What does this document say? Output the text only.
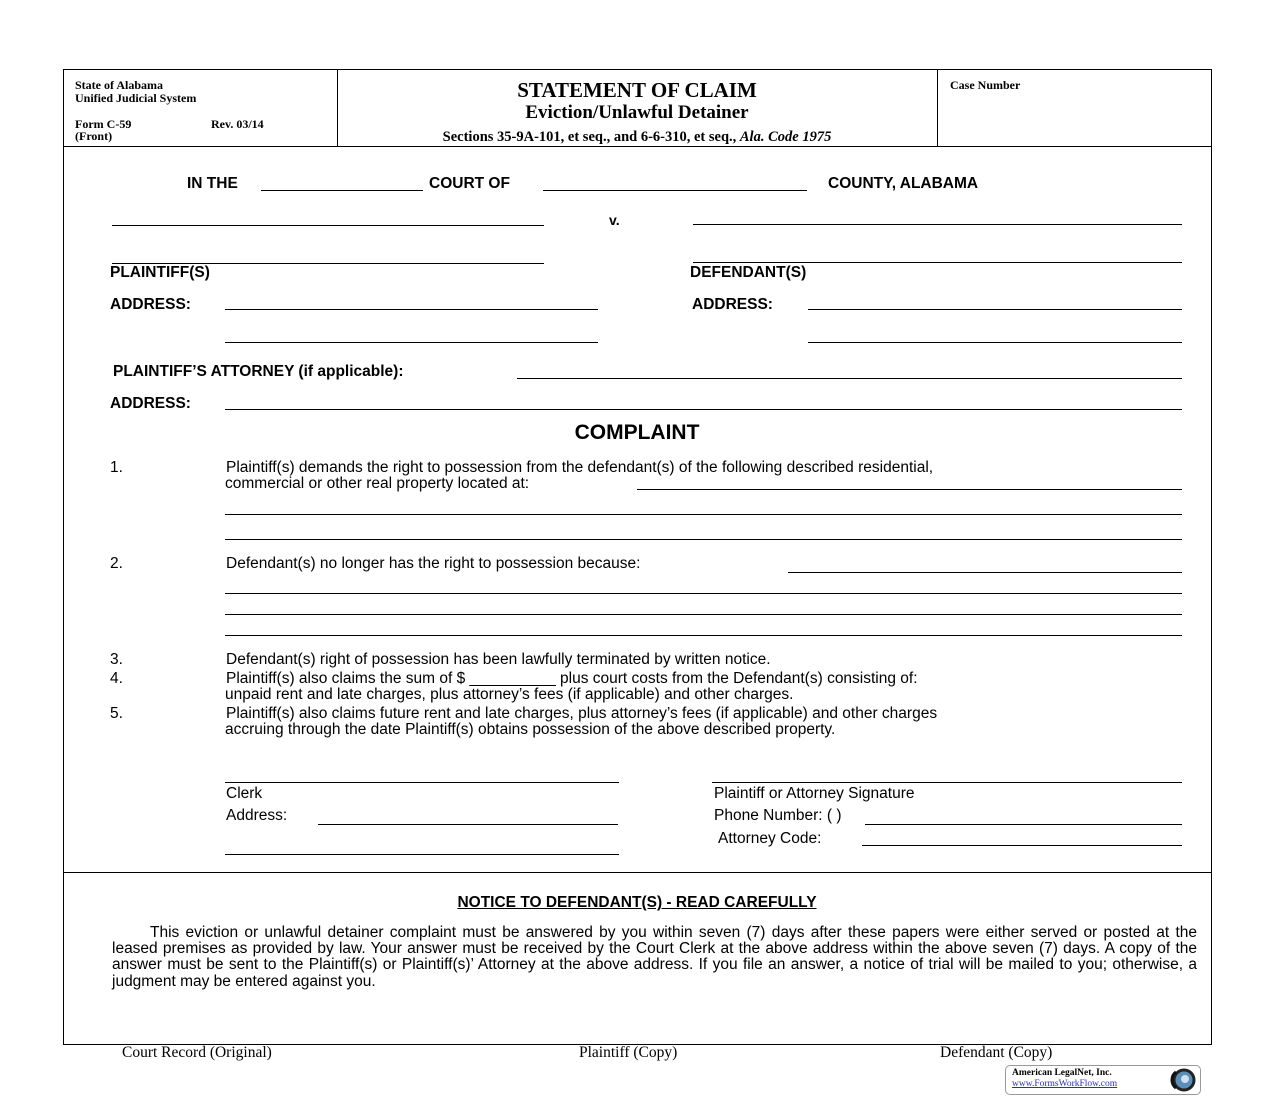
State of Alabama
Unified Judicial System
Form C-59	Rev. 03/14
(Front)
STATEMENT OF CLAIM
Eviction/Unlawful Detainer
Sections 35-9A-101, et seq., and 6-6-310, et seq., Ala. Code 1975
Case Number
IN THE	COURT OF	COUNTY, ALABAMA
v.
PLAINTIFF(S)	DEFENDANT(S)
ADDRESS:	ADDRESS:
PLAINTIFF’S ATTORNEY (if applicable):
ADDRESS:
COMPLAINT
1.	Plaintiff(s) demands the right to possession from the defendant(s) of the following described residential,
commercial or other real property located at:
2.	Defendant(s) no longer has the right to possession because:
3.	Defendant(s) right of possession has been lawfully terminated by written notice.
4.	Plaintiff(s) also claims the sum of $ __________ plus court costs from the Defendant(s) consisting of:
unpaid rent and late charges, plus attorney’s fees (if applicable) and other charges.
5.	Plaintiff(s) also claims future rent and late charges, plus attorney’s fees (if applicable) and other charges
accruing through the date Plaintiff(s) obtains possession of the above described property.
Clerk
Address:
Plaintiff or Attorney Signature
Phone Number: ( )
Attorney Code:
NOTICE TO DEFENDANT(S) - READ CAREFULLY
This eviction or unlawful detainer complaint must be answered by you within seven (7) days after these papers were either served or posted at the leased premises as provided by law. Your answer must be received by the Court Clerk at the above address within the above seven (7) days. A copy of the answer must be sent to the Plaintiff(s) or Plaintiff(s)’ Attorney at the above address. If you file an answer, a notice of trial will be mailed to you; otherwise, a judgment may be entered against you.
Court Record (Original)	Plaintiff (Copy)	Defendant (Copy)
American LegalNet, Inc.
www.FormsWorkFlow.com
